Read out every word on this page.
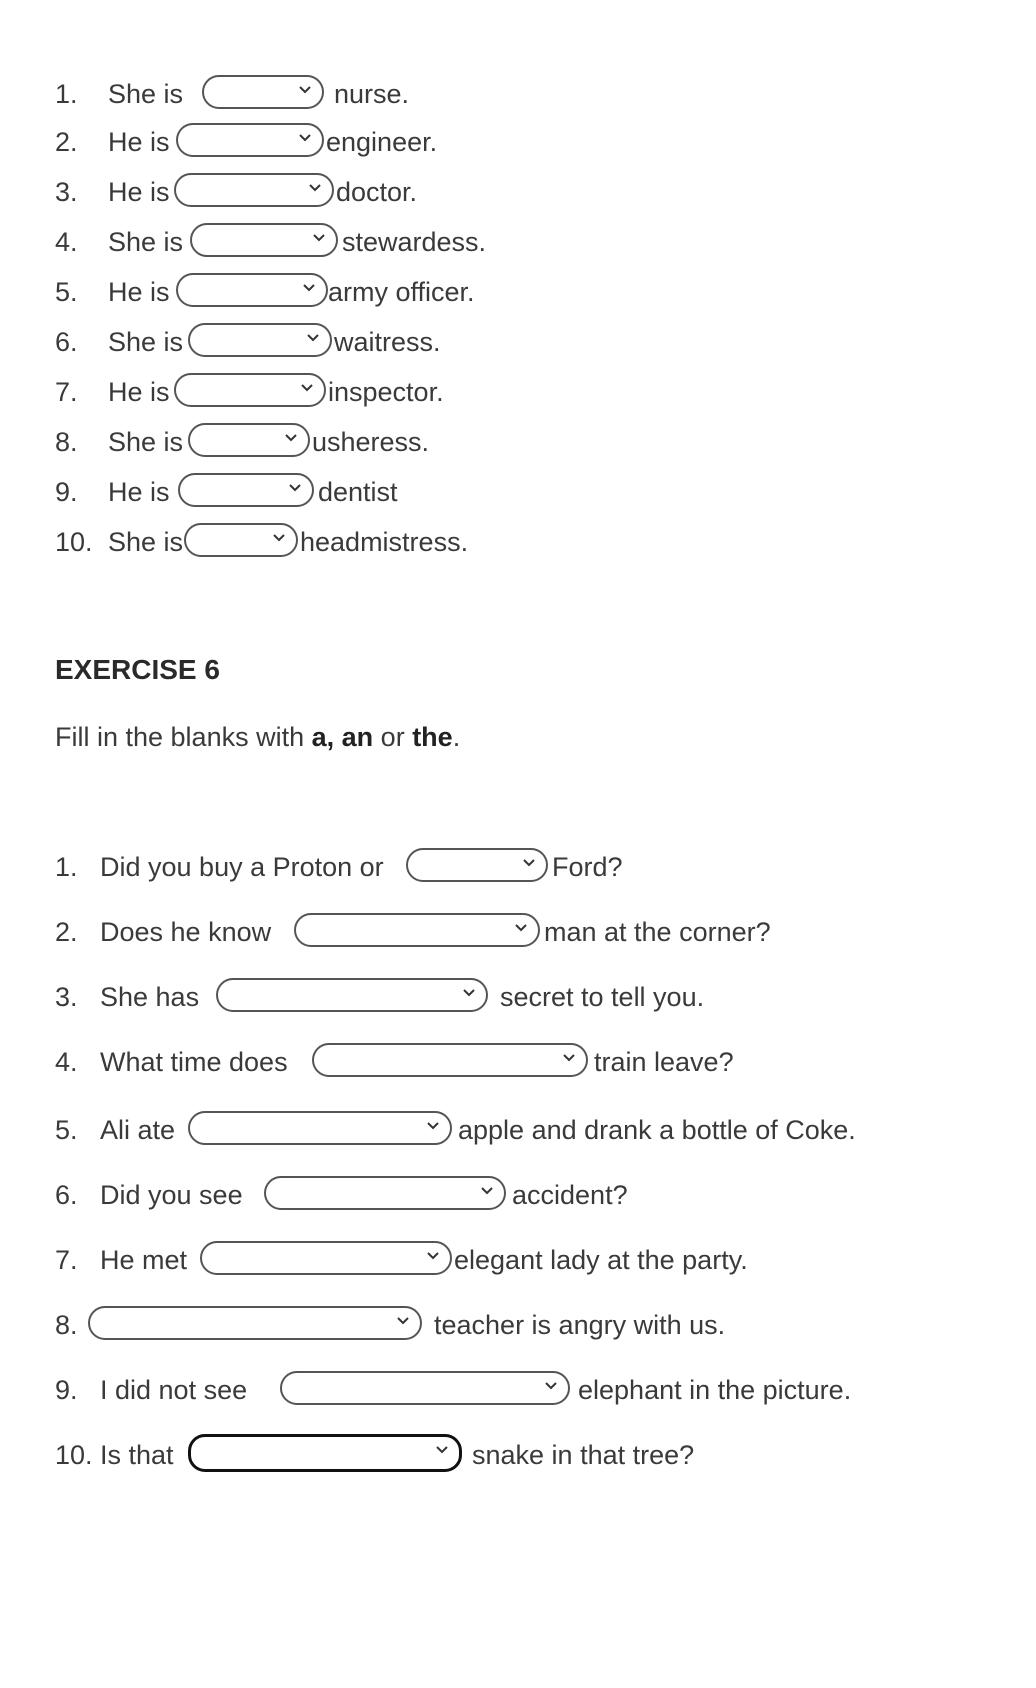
1. She is	nurse.
2. He is	engineer.
3. He is	doctor.
4. She is	stewardess.
5. He is	army officer.
6. She is	waitress.
7. He is	inspector.
8. She is	usheress.
9. He is	dentist
10. She is	headmistress.
EXERCISE 6
Fill in the blanks with a, an or the.
1. Did you buy a Proton or	Ford?
2. Does he know	man at the corner?
3. She has	secret to tell you.
4. What time does	train leave?
5. Ali ate	apple and drank a bottle of Coke.
6. Did you see	accident?
7. He met	elegant lady at the party.
8.	teacher is angry with us.
9. I did not see	elephant in the picture.
10. Is that	snake in that tree?
